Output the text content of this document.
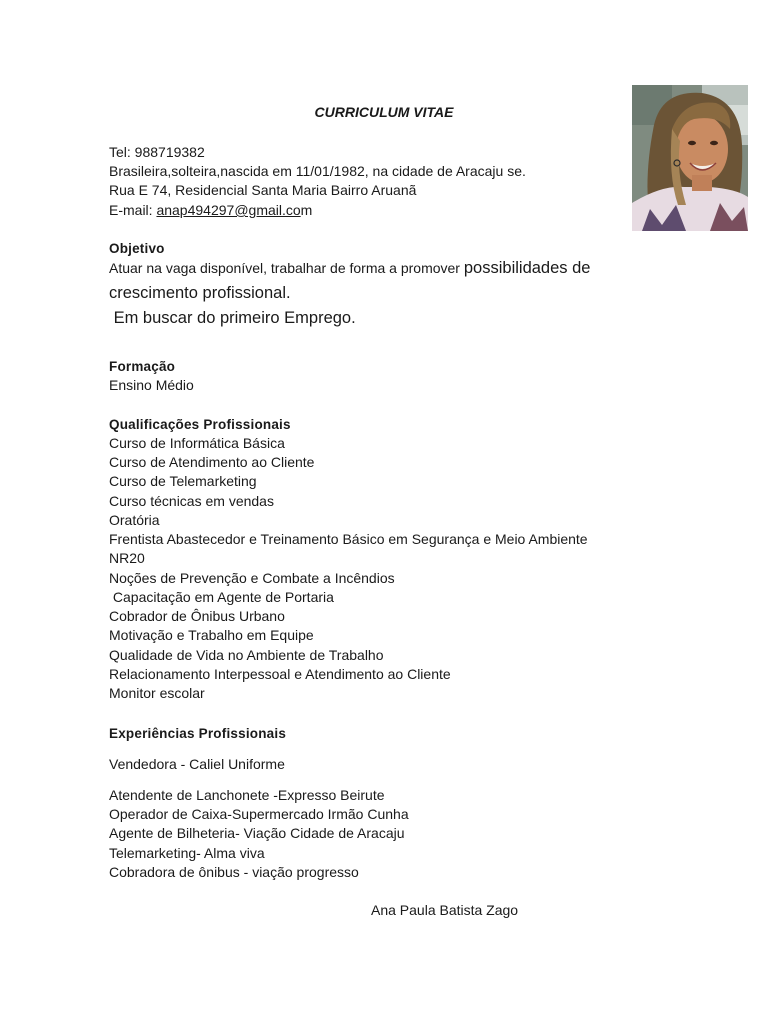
CURRICULUM VITAE
Tel: 988719382
Brasileira,solteira,nascida em 11/01/1982, na cidade de Aracaju se.
Rua E 74, Residencial Santa Maria Bairro Aruanã
E-mail: anap494297@gmail.com
Objetivo
Atuar na vaga disponível, trabalhar de forma a promover possibilidades de
crescimento profissional.
Em buscar do primeiro Emprego.
Formação
Ensino Médio
Qualificações Profissionais
Curso de Informática Básica
Curso de Atendimento ao Cliente
Curso de Telemarketing
Curso técnicas em vendas
Oratória
Frentista Abastecedor e Treinamento Básico em Segurança e Meio Ambiente
NR20
Noções de Prevenção e Combate a Incêndios
Capacitação em Agente de Portaria
Cobrador de Ônibus Urbano
Motivação e Trabalho em Equipe
Qualidade de Vida no Ambiente de Trabalho
Relacionamento Interpessoal e Atendimento ao Cliente
Monitor escolar
Experiências Profissionais
Vendedora - Caliel Uniforme
Atendente de Lanchonete -Expresso Beirute
Operador de Caixa-Supermercado Irmão Cunha
Agente de Bilheteria- Viação Cidade de Aracaju
Telemarketing- Alma viva
Cobradora de ônibus - viação progresso
Ana Paula Batista Zago
